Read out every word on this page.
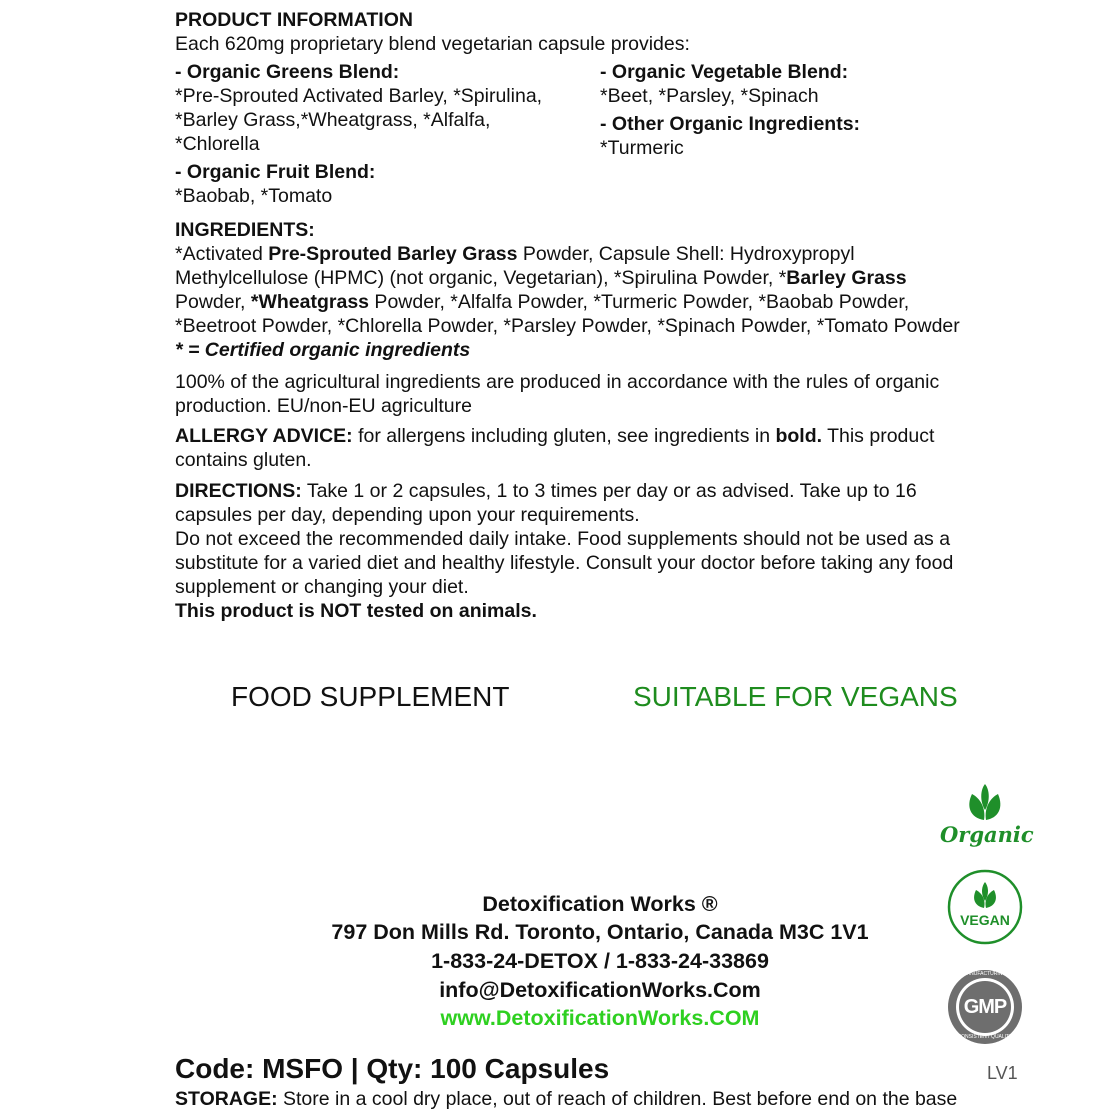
PRODUCT INFORMATION
Each 620mg proprietary blend vegetarian capsule provides:
- Organic Greens Blend:
*Pre-Sprouted Activated Barley, *Spirulina,
*Barley Grass,*Wheatgrass, *Alfalfa,
*Chlorella
- Organic Fruit Blend:
*Baobab, *Tomato
- Organic Vegetable Blend:
*Beet, *Parsley, *Spinach
- Other Organic Ingredients:
*Turmeric
INGREDIENTS:
*Activated Pre-Sprouted Barley Grass Powder, Capsule Shell: Hydroxypropyl
Methylcellulose (HPMC) (not organic, Vegetarian), *Spirulina Powder, *Barley Grass
Powder, *Wheatgrass Powder, *Alfalfa Powder, *Turmeric Powder, *Baobab Powder,
*Beetroot Powder, *Chlorella Powder, *Parsley Powder, *Spinach Powder, *Tomato Powder
* = Certified organic ingredients
100% of the agricultural ingredients are produced in accordance with the rules of organic
production. EU/non-EU agriculture
ALLERGY ADVICE: for allergens including gluten, see ingredients in bold. This product
contains gluten.
DIRECTIONS: Take 1 or 2 capsules, 1 to 3 times per day or as advised. Take up to 16
capsules per day, depending upon your requirements.
Do not exceed the recommended daily intake. Food supplements should not be used as a
substitute for a varied diet and healthy lifestyle. Consult your doctor before taking any food
supplement or changing your diet.
This product is NOT tested on animals.
FOOD SUPPLEMENT	SUITABLE FOR VEGANS
Organic
VEGAN
GMP
GOOD MANUFACTURING PRACTICE
CONSISTENT QUALITY
Detoxification Works ®
797 Don Mills Rd. Toronto, Ontario, Canada M3C 1V1
1-833-24-DETOX / 1-833-24-33869
info@DetoxificationWorks.Com
www.DetoxificationWorks.COM
Code: MSFO | Qty: 100 Capsules	LV1
STORAGE: Store in a cool dry place, out of reach of children. Best before end on the base
